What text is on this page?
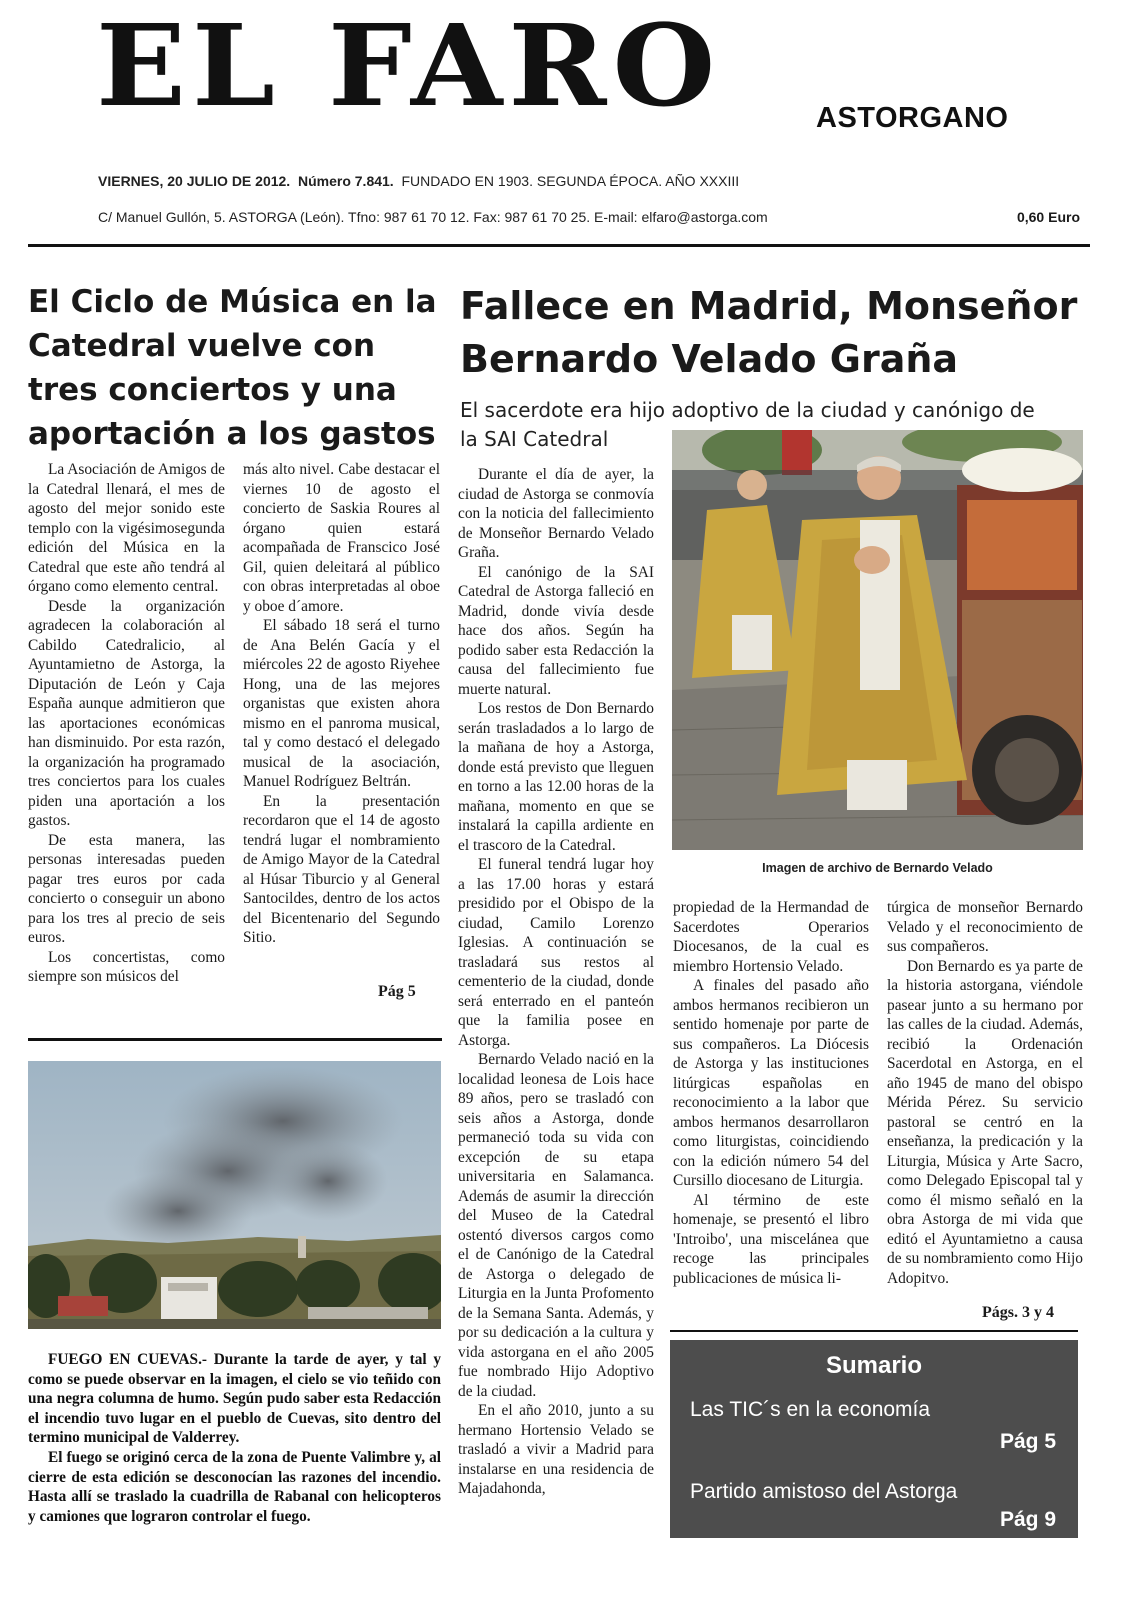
EL FARO	ASTORGANO
VIERNES, 20 JULIO DE 2012. Número 7.841. FUNDADO EN 1903. SEGUNDA ÉPOCA. AÑO XXXIII
C/ Manuel Gullón, 5. ASTORGA (León). Tfno: 987 61 70 12. Fax: 987 61 70 25. E-mail: elfaro@astorga.com	0,60 Euro
El Ciclo de Música en la Catedral vuelve con tres conciertos y una aportación a los gastos

La Asociación de Amigos de la Catedral llenará, el mes de agosto del mejor sonido este templo con la vigésimosegunda edición del Música en la Catedral que este año tendrá al órgano como elemento central.

Desde la organización agradecen la colaboración al Cabildo Catedralicio, al Ayuntamietno de Astorga, la Diputación de León y Caja España aunque admitieron que las aportaciones económicas han disminuido. Por esta razón, la organización ha programado tres conciertos para los cuales piden una aportación a los gastos.

De esta manera, las personas interesadas pueden pagar tres euros por cada concierto o conseguir un abono para los tres al precio de seis euros.

Los concertistas, como siempre son músicos del

más alto nivel. Cabe destacar el viernes 10 de agosto el concierto de Saskia Roures al órgano quien estará acompañada de Franscico José Gil, quien deleitará al público con obras interpretadas al oboe y oboe d´amore.

El sábado 18 será el turno de Ana Belén Gacía y el miércoles 22 de agosto Riyehee Hong, una de las mejores organistas que existen ahora mismo en el panroma musical, tal y como destacó el delegado musical de la asociación, Manuel Rodríguez Beltrán.

En la presentación recordaron que el 14 de agosto tendrá lugar el nombramiento de Amigo Mayor de la Catedral al Húsar Tiburcio y al General Santocildes, dentro de los actos del Bicentenario del Segundo Sitio.

Pág 5

FUEGO EN CUEVAS.- Durante la tarde de ayer, y tal y como se puede observar en la imagen, el cielo se vio teñido con una negra columna de humo. Según pudo saber esta Redacción el incendio tuvo lugar en el pueblo de Cuevas, sito dentro del termino municipal de Valderrey.

El fuego se originó cerca de la zona de Puente Valimbre y, al cierre de esta edición se desconocían las razones del incendio. Hasta allí se traslado la cuadrilla de Rabanal con helicopteros y camiones que lograron controlar el fuego.

Fallece en Madrid, Monseñor Bernardo Velado Graña
El sacerdote era hijo adoptivo de la ciudad y canónigo de la SAI Catedral
Imagen de archivo de Bernardo Velado

Durante el día de ayer, la ciudad de Astorga se conmovía con la noticia del fallecimiento de Monseñor Bernardo Velado Graña.

El canónigo de la SAI Catedral de Astorga falleció en Madrid, donde vivía desde hace dos años. Según ha podido saber esta Redacción la causa del fallecimiento fue muerte natural.

Los restos de Don Bernardo serán trasladados a lo largo de la mañana de hoy a Astorga, donde está previsto que lleguen en torno a las 12.00 horas de la mañana, momento en que se instalará la capilla ardiente en el trascoro de la Catedral.

El funeral tendrá lugar hoy a las 17.00 horas y estará presidido por el Obispo de la ciudad, Camilo Lorenzo Iglesias. A continuación se trasladará sus restos al cementerio de la ciudad, donde será enterrado en el panteón que la familia posee en Astorga.

Bernardo Velado nació en la localidad leonesa de Lois hace 89 años, pero se trasladó con seis años a Astorga, donde permaneció toda su vida con excepción de su etapa universitaria en Salamanca. Además de asumir la dirección del Museo de la Catedral ostentó diversos cargos como el de Canónigo de la Catedral de Astorga o delegado de Liturgia en la Junta Profomento de la Semana Santa. Además, y por su dedicación a la cultura y vida astorgana en el año 2005 fue nombrado Hijo Adoptivo de la ciudad.

En el año 2010, junto a su hermano Hortensio Velado se trasladó a vivir a Madrid para instalarse en una residencia de Majadahonda,

propiedad de la Hermandad de Sacerdotes Operarios Diocesanos, de la cual es miembro Hortensio Velado.

A finales del pasado año ambos hermanos recibieron un sentido homenaje por parte de sus compañeros. La Diócesis de Astorga y las instituciones litúrgicas españolas en reconocimiento a la labor que ambos hermanos desarrollaron como liturgistas, coincidiendo con la edición número 54 del Cursillo diocesano de Liturgia.

Al término de este homenaje, se presentó el libro 'Introibo', una miscelánea que recoge las principales publicaciones de música li-

túrgica de monseñor Bernardo Velado y el reconocimiento de sus compañeros.

Don Bernardo es ya parte de la historia astorgana, viéndole pasear junto a su hermano por las calles de la ciudad. Además, recibió la Ordenación Sacerdotal en Astorga, en el año 1945 de mano del obispo Mérida Pérez. Su servicio pastoral se centró en la enseñanza, la predicación y la Liturgia, Música y Arte Sacro, como Delegado Episcopal tal y como él mismo señaló en la obra Astorga de mi vida que editó el Ayuntamietno a causa de su nombramiento como Hijo Adopitvo.

Págs. 3 y 4
Sumario
Las TIC´s en la economía
Pág 5
Partido amistoso del Astorga
Pág 9
